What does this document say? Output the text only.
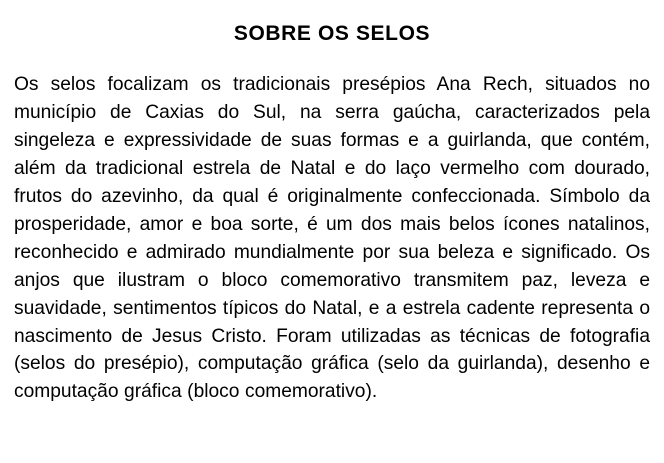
SOBRE OS SELOS

Os selos focalizam os tradicionais presépios Ana Rech, situados no município de Caxias do Sul, na serra gaúcha, caracterizados pela singeleza e expressividade de suas formas e a guirlanda, que contém, além da tradicional estrela de Natal e do laço vermelho com dourado, frutos do azevinho, da qual é originalmente confeccionada. Símbolo da prosperidade, amor e boa sorte, é um dos mais belos ícones natalinos, reconhecido e admirado mundialmente por sua beleza e significado. Os anjos que ilustram o bloco comemorativo transmitem paz, leveza e suavidade, sentimentos típicos do Natal, e a estrela cadente representa o nascimento de Jesus Cristo. Foram utilizadas as técnicas de fotografia (selos do presépio), computação gráfica (selo da guirlanda), desenho e computação gráfica (bloco comemorativo).
